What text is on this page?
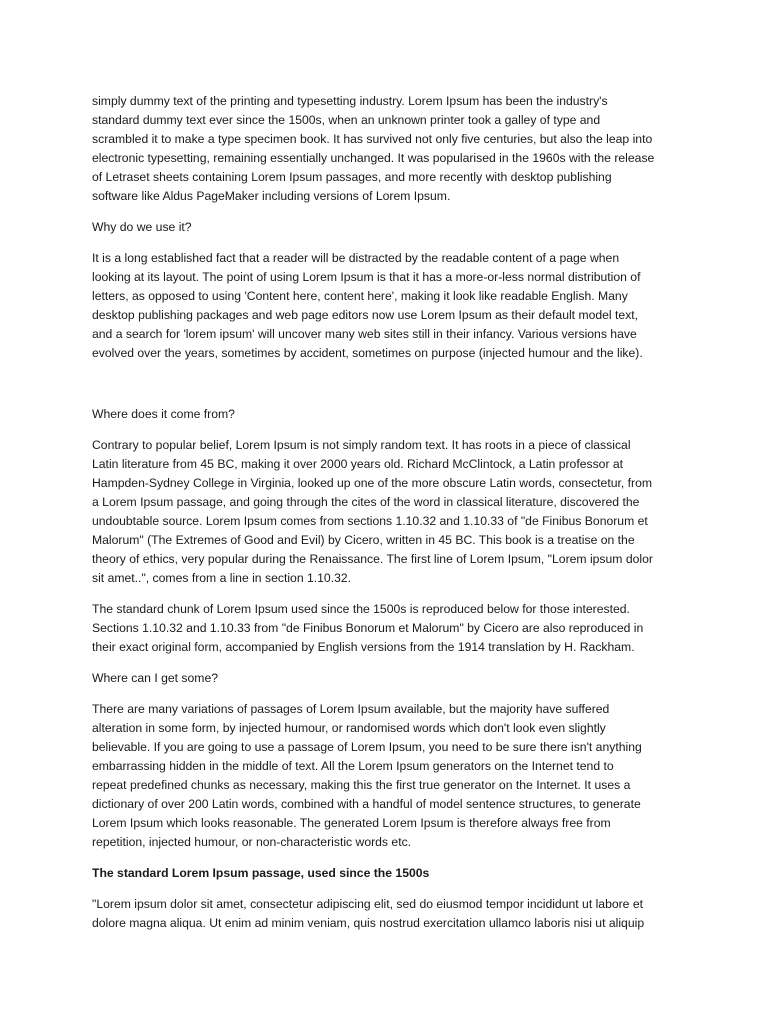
simply dummy text of the printing and typesetting industry. Lorem Ipsum has been the industry's
standard dummy text ever since the 1500s, when an unknown printer took a galley of type and
scrambled it to make a type specimen book. It has survived not only five centuries, but also the leap into
electronic typesetting, remaining essentially unchanged. It was popularised in the 1960s with the release
of Letraset sheets containing Lorem Ipsum passages, and more recently with desktop publishing
software like Aldus PageMaker including versions of Lorem Ipsum.

Why do we use it?

It is a long established fact that a reader will be distracted by the readable content of a page when
looking at its layout. The point of using Lorem Ipsum is that it has a more-or-less normal distribution of
letters, as opposed to using 'Content here, content here', making it look like readable English. Many
desktop publishing packages and web page editors now use Lorem Ipsum as their default model text,
and a search for 'lorem ipsum' will uncover many web sites still in their infancy. Various versions have
evolved over the years, sometimes by accident, sometimes on purpose (injected humour and the like).

Where does it come from?

Contrary to popular belief, Lorem Ipsum is not simply random text. It has roots in a piece of classical
Latin literature from 45 BC, making it over 2000 years old. Richard McClintock, a Latin professor at
Hampden-Sydney College in Virginia, looked up one of the more obscure Latin words, consectetur, from
a Lorem Ipsum passage, and going through the cites of the word in classical literature, discovered the
undoubtable source. Lorem Ipsum comes from sections 1.10.32 and 1.10.33 of "de Finibus Bonorum et
Malorum" (The Extremes of Good and Evil) by Cicero, written in 45 BC. This book is a treatise on the
theory of ethics, very popular during the Renaissance. The first line of Lorem Ipsum, "Lorem ipsum dolor
sit amet..", comes from a line in section 1.10.32.

The standard chunk of Lorem Ipsum used since the 1500s is reproduced below for those interested.
Sections 1.10.32 and 1.10.33 from "de Finibus Bonorum et Malorum" by Cicero are also reproduced in
their exact original form, accompanied by English versions from the 1914 translation by H. Rackham.

Where can I get some?

There are many variations of passages of Lorem Ipsum available, but the majority have suffered
alteration in some form, by injected humour, or randomised words which don't look even slightly
believable. If you are going to use a passage of Lorem Ipsum, you need to be sure there isn't anything
embarrassing hidden in the middle of text. All the Lorem Ipsum generators on the Internet tend to
repeat predefined chunks as necessary, making this the first true generator on the Internet. It uses a
dictionary of over 200 Latin words, combined with a handful of model sentence structures, to generate
Lorem Ipsum which looks reasonable. The generated Lorem Ipsum is therefore always free from
repetition, injected humour, or non-characteristic words etc.

The standard Lorem Ipsum passage, used since the 1500s

"Lorem ipsum dolor sit amet, consectetur adipiscing elit, sed do eiusmod tempor incididunt ut labore et
dolore magna aliqua. Ut enim ad minim veniam, quis nostrud exercitation ullamco laboris nisi ut aliquip
